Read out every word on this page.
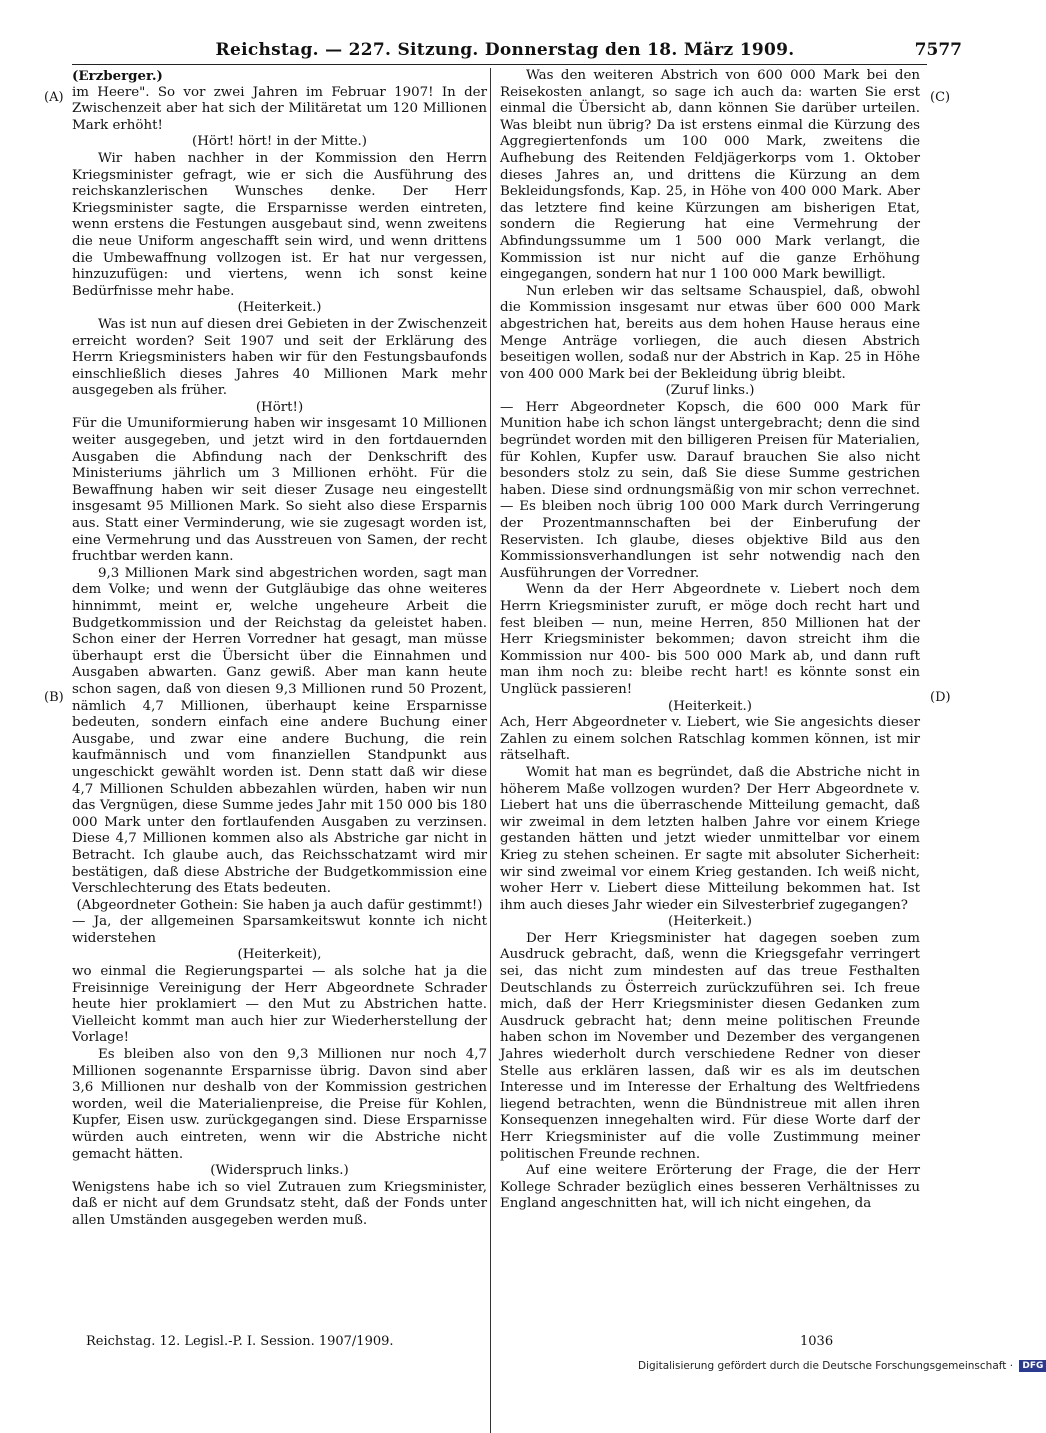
Reichstag. — 227. Sitzung. Donnerstag den 18. März 1909.	7577
(A)
(B)
(C)
(D)

(Erzberger.)

im Heere". So vor zwei Jahren im Februar 1907! In der Zwischenzeit aber hat sich der Militäretat um 120 Millionen Mark erhöht!

(Hört! hört! in der Mitte.)

Wir haben nachher in der Kommission den Herrn Kriegsminister gefragt, wie er sich die Ausführung des reichskanzlerischen Wunsches denke. Der Herr Kriegsminister sagte, die Ersparnisse werden eintreten, wenn erstens die Festungen ausgebaut sind, wenn zweitens die neue Uniform angeschafft sein wird, und wenn drittens die Umbewaffnung vollzogen ist. Er hat nur vergessen, hinzuzufügen: und viertens, wenn ich sonst keine Bedürfnisse mehr habe.

(Heiterkeit.)

Was ist nun auf diesen drei Gebieten in der Zwischenzeit erreicht worden? Seit 1907 und seit der Erklärung des Herrn Kriegsministers haben wir für den Festungsbaufonds einschließlich dieses Jahres 40 Millionen Mark mehr ausgegeben als früher.

(Hört!)

Für die Umuniformierung haben wir insgesamt 10 Millionen weiter ausgegeben, und jetzt wird in den fortdauernden Ausgaben die Abfindung nach der Denkschrift des Ministeriums jährlich um 3 Millionen erhöht. Für die Bewaffnung haben wir seit dieser Zusage neu eingestellt insgesamt 95 Millionen Mark. So sieht also diese Ersparnis aus. Statt einer Verminderung, wie sie zugesagt worden ist, eine Vermehrung und das Ausstreuen von Samen, der recht fruchtbar werden kann.

9,3 Millionen Mark sind abgestrichen worden, sagt man dem Volke; und wenn der Gutgläubige das ohne weiteres hinnimmt, meint er, welche ungeheure Arbeit die Budgetkommission und der Reichstag da geleistet haben. Schon einer der Herren Vorredner hat gesagt, man müsse überhaupt erst die Übersicht über die Einnahmen und Ausgaben abwarten. Ganz gewiß. Aber man kann heute schon sagen, daß von diesen 9,3 Millionen rund 50 Prozent, nämlich 4,7 Millionen, überhaupt keine Ersparnisse bedeuten, sondern einfach eine andere Buchung einer Ausgabe, und zwar eine andere Buchung, die rein kaufmännisch und vom finanziellen Standpunkt aus ungeschickt gewählt worden ist. Denn statt daß wir diese 4,7 Millionen Schulden abbezahlen würden, haben wir nun das Vergnügen, diese Summe jedes Jahr mit 150 000 bis 180 000 Mark unter den fortlaufenden Ausgaben zu verzinsen. Diese 4,7 Millionen kommen also als Abstriche gar nicht in Betracht. Ich glaube auch, das Reichsschatzamt wird mir bestätigen, daß diese Abstriche der Budgetkommission eine Verschlechterung des Etats bedeuten.

(Abgeordneter Gothein: Sie haben ja auch dafür gestimmt!)

— Ja, der allgemeinen Sparsamkeitswut konnte ich nicht widerstehen

(Heiterkeit),

wo einmal die Regierungspartei — als solche hat ja die Freisinnige Vereinigung der Herr Abgeordnete Schrader heute hier proklamiert — den Mut zu Abstrichen hatte. Vielleicht kommt man auch hier zur Wiederherstellung der Vorlage!

Es bleiben also von den 9,3 Millionen nur noch 4,7 Millionen sogenannte Ersparnisse übrig. Davon sind aber 3,6 Millionen nur deshalb von der Kommission gestrichen worden, weil die Materialienpreise, die Preise für Kohlen, Kupfer, Eisen usw. zurückgegangen sind. Diese Ersparnisse würden auch eintreten, wenn wir die Abstriche nicht gemacht hätten.

(Widerspruch links.)

Wenigstens habe ich so viel Zutrauen zum Kriegsminister, daß er nicht auf dem Grundsatz steht, daß der Fonds unter allen Umständen ausgegeben werden muß.

Was den weiteren Abstrich von 600 000 Mark bei den Reisekosten anlangt, so sage ich auch da: warten Sie erst einmal die Übersicht ab, dann können Sie darüber urteilen. Was bleibt nun übrig? Da ist erstens einmal die Kürzung des Aggregiertenfonds um 100 000 Mark, zweitens die Aufhebung des Reitenden Feldjägerkorps vom 1. Oktober dieses Jahres an, und drittens die Kürzung an dem Bekleidungsfonds, Kap. 25, in Höhe von 400 000 Mark. Aber das letztere find keine Kürzungen am bisherigen Etat, sondern die Regierung hat eine Vermehrung der Abfindungssumme um 1 500 000 Mark verlangt, die Kommission ist nur nicht auf die ganze Erhöhung eingegangen, sondern hat nur 1 100 000 Mark bewilligt.

Nun erleben wir das seltsame Schauspiel, daß, obwohl die Kommission insgesamt nur etwas über 600 000 Mark abgestrichen hat, bereits aus dem hohen Hause heraus eine Menge Anträge vorliegen, die auch diesen Abstrich beseitigen wollen, sodaß nur der Abstrich in Kap. 25 in Höhe von 400 000 Mark bei der Bekleidung übrig bleibt.

(Zuruf links.)

— Herr Abgeordneter Kopsch, die 600 000 Mark für Munition habe ich schon längst untergebracht; denn die sind begründet worden mit den billigeren Preisen für Materialien, für Kohlen, Kupfer usw. Darauf brauchen Sie also nicht besonders stolz zu sein, daß Sie diese Summe gestrichen haben. Diese sind ordnungsmäßig von mir schon verrechnet. — Es bleiben noch übrig 100 000 Mark durch Verringerung der Prozentmannschaften bei der Einberufung der Reservisten. Ich glaube, dieses objektive Bild aus den Kommissionsverhandlungen ist sehr notwendig nach den Ausführungen der Vorredner.

Wenn da der Herr Abgeordnete v. Liebert noch dem Herrn Kriegsminister zuruft, er möge doch recht hart und fest bleiben — nun, meine Herren, 850 Millionen hat der Herr Kriegsminister bekommen; davon streicht ihm die Kommission nur 400- bis 500 000 Mark ab, und dann ruft man ihm noch zu: bleibe recht hart! es könnte sonst ein Unglück passieren!

(Heiterkeit.)

Ach, Herr Abgeordneter v. Liebert, wie Sie angesichts dieser Zahlen zu einem solchen Ratschlag kommen können, ist mir rätselhaft.

Womit hat man es begründet, daß die Abstriche nicht in höherem Maße vollzogen wurden? Der Herr Abgeordnete v. Liebert hat uns die überraschende Mitteilung gemacht, daß wir zweimal in dem letzten halben Jahre vor einem Kriege gestanden hätten und jetzt wieder unmittelbar vor einem Krieg zu stehen scheinen. Er sagte mit absoluter Sicherheit: wir sind zweimal vor einem Krieg gestanden. Ich weiß nicht, woher Herr v. Liebert diese Mitteilung bekommen hat. Ist ihm auch dieses Jahr wieder ein Silvesterbrief zugegangen?

(Heiterkeit.)

Der Herr Kriegsminister hat dagegen soeben zum Ausdruck gebracht, daß, wenn die Kriegsgefahr verringert sei, das nicht zum mindesten auf das treue Festhalten Deutschlands zu Österreich zurückzuführen sei. Ich freue mich, daß der Herr Kriegsminister diesen Gedanken zum Ausdruck gebracht hat; denn meine politischen Freunde haben schon im November und Dezember des vergangenen Jahres wiederholt durch verschiedene Redner von dieser Stelle aus erklären lassen, daß wir es als im deutschen Interesse und im Interesse der Erhaltung des Weltfriedens liegend betrachten, wenn die Bündnistreue mit allen ihren Konsequenzen innegehalten wird. Für diese Worte darf der Herr Kriegsminister auf die volle Zustimmung meiner politischen Freunde rechnen.

Auf eine weitere Erörterung der Frage, die der Herr Kollege Schrader bezüglich eines besseren Verhältnisses zu England angeschnitten hat, will ich nicht eingehen, da

Digitalisierung gefördert durch die Deutsche Forschungsgemeinschaft · DFG
Reichstag. 12. Legisl.-P. I. Session. 1907/1909.	1036
